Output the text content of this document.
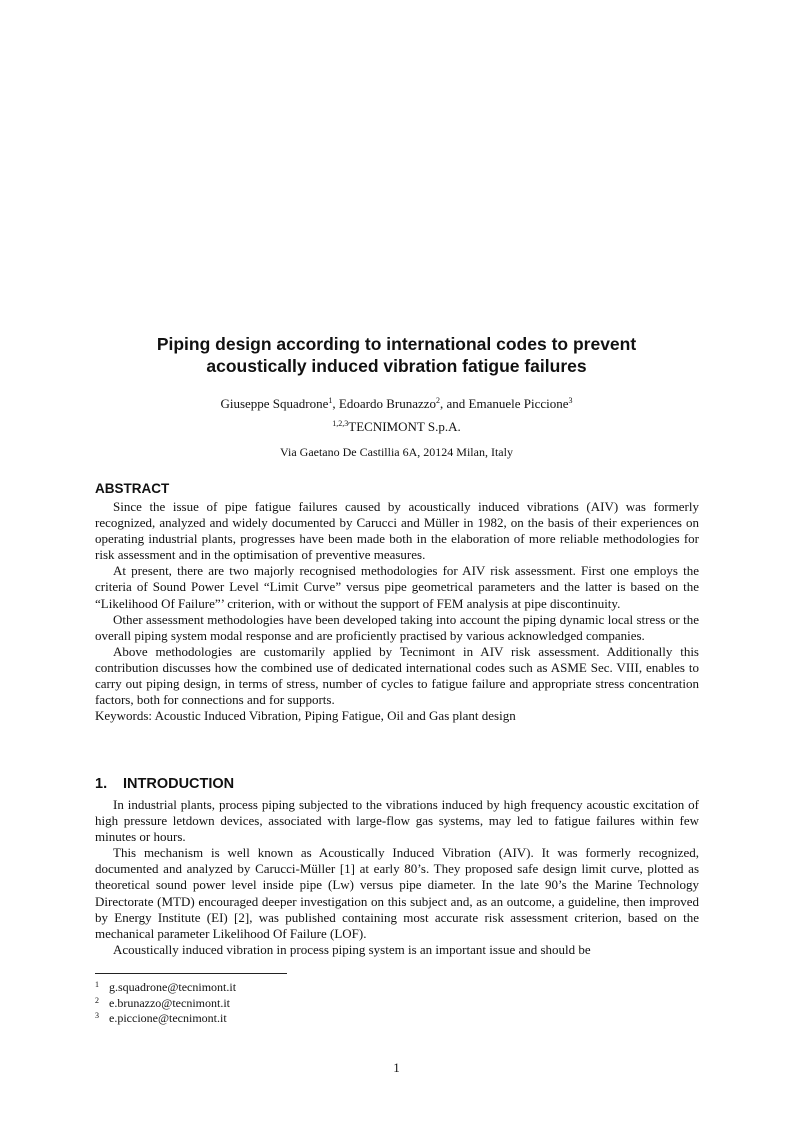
Piping design according to international codes to prevent
acoustically induced vibration fatigue failures
Giuseppe Squadrone$^1$, Edoardo Brunazzo$^2$, and Emanuele Piccione$^3$
$^{1,2,3}$TECNIMONT S.p.A.
Via Gaetano De Castillia 6A, 20124 Milan, Italy
ABSTRACT

Since the issue of pipe fatigue failures caused by acoustically induced vibrations (AIV) was formerly recognized, analyzed and widely documented by Carucci and Müller in 1982, on the basis of their experiences on operating industrial plants, progresses have been made both in the elaboration of more reliable methodologies for risk assessment and in the optimisation of preventive measures.

At present, there are two majorly recognised methodologies for AIV risk assessment. First one employs the criteria of Sound Power Level “Limit Curve” versus pipe geometrical parameters and the latter is based on the “Likelihood Of Failure”’ criterion, with or without the support of FEM analysis at pipe discontinuity.

Other assessment methodologies have been developed taking into account the piping dynamic local stress or the overall piping system modal response and are proficiently practised by various acknowledged companies.

Above methodologies are customarily applied by Tecnimont in AIV risk assessment. Additionally this contribution discusses how the combined use of dedicated international codes such as ASME Sec. VIII, enables to carry out piping design, in terms of stress, number of cycles to fatigue failure and appropriate stress concentration factors, both for connections and for supports.

Keywords: Acoustic Induced Vibration, Piping Fatigue, Oil and Gas plant design

1. INTRODUCTION

In industrial plants, process piping subjected to the vibrations induced by high frequency acoustic excitation of high pressure letdown devices, associated with large-flow gas systems, may led to fatigue failures within few minutes or hours.

This mechanism is well known as Acoustically Induced Vibration (AIV). It was formerly recognized, documented and analyzed by Carucci-Müller [1] at early 80’s. They proposed safe design limit curve, plotted as theoretical sound power level inside pipe (Lw) versus pipe diameter. In the late 90’s the Marine Technology Directorate (MTD) encouraged deeper investigation on this subject and, as an outcome, a guideline, then improved by Energy Institute (EI) [2], was published containing most accurate risk assessment criterion, based on the mechanical parameter Likelihood Of Failure (LOF).

Acoustically induced vibration in process piping system is an important issue and should be

$^1$ g.squadrone@tecnimont.it
$^2$ e.brunazzo@tecnimont.it
$^3$ e.piccione@tecnimont.it
1
